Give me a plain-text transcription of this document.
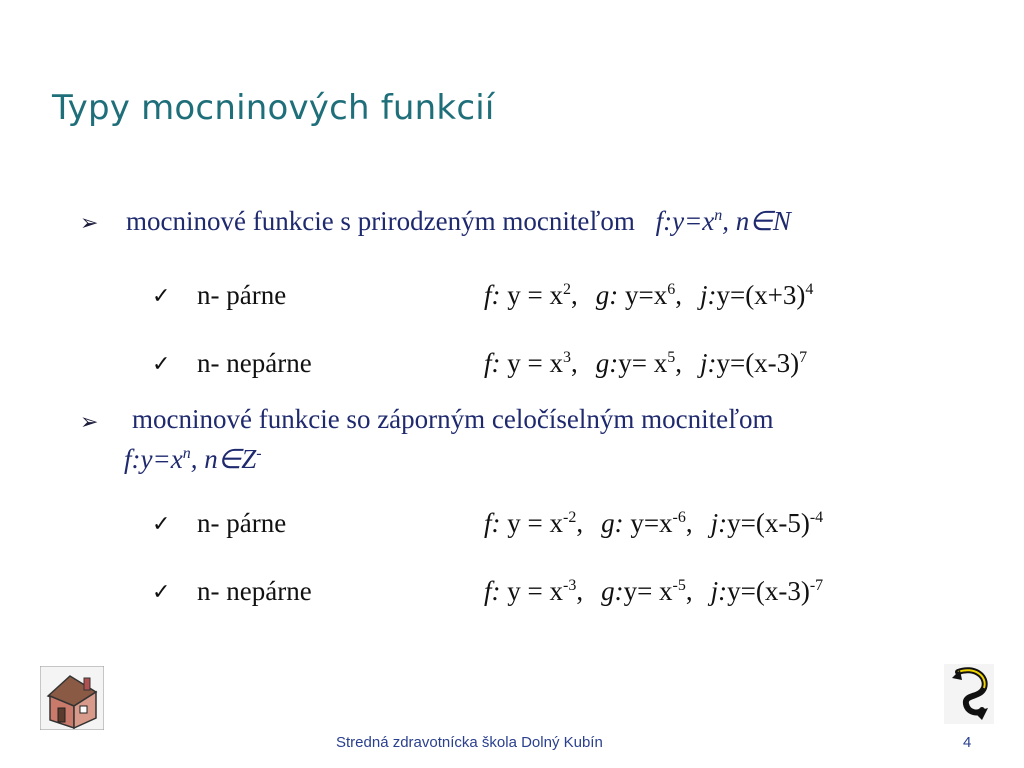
Typy mocninových funkcií
➢ mocninové funkcie s prirodzeným mocniteľom $f:y=x^n$, n∈N
✓ n- párne	f: $y = x^2$, g: $y=x^6$, $j:y=(x+3)^4$
✓ n- nepárne	f: $y = x^3$, g:y= $x^5$, $j:y=(x-3)^7$
➢ mocninové funkcie so záporným celočíselným mocniteľom
$f:y=x^n$, n∈Z-
✓ n- párne	f: $y = x^{-2}$, g: $y=x^{-6}$, $j:y=(x-5)^{-4}$
✓ n- nepárne	f: $y = x^{-3}$, g:y= $x^{-5}$, $j:y=(x-3)^{-7}$
Stredná zdravotnícka škola Dolný Kubín	4
